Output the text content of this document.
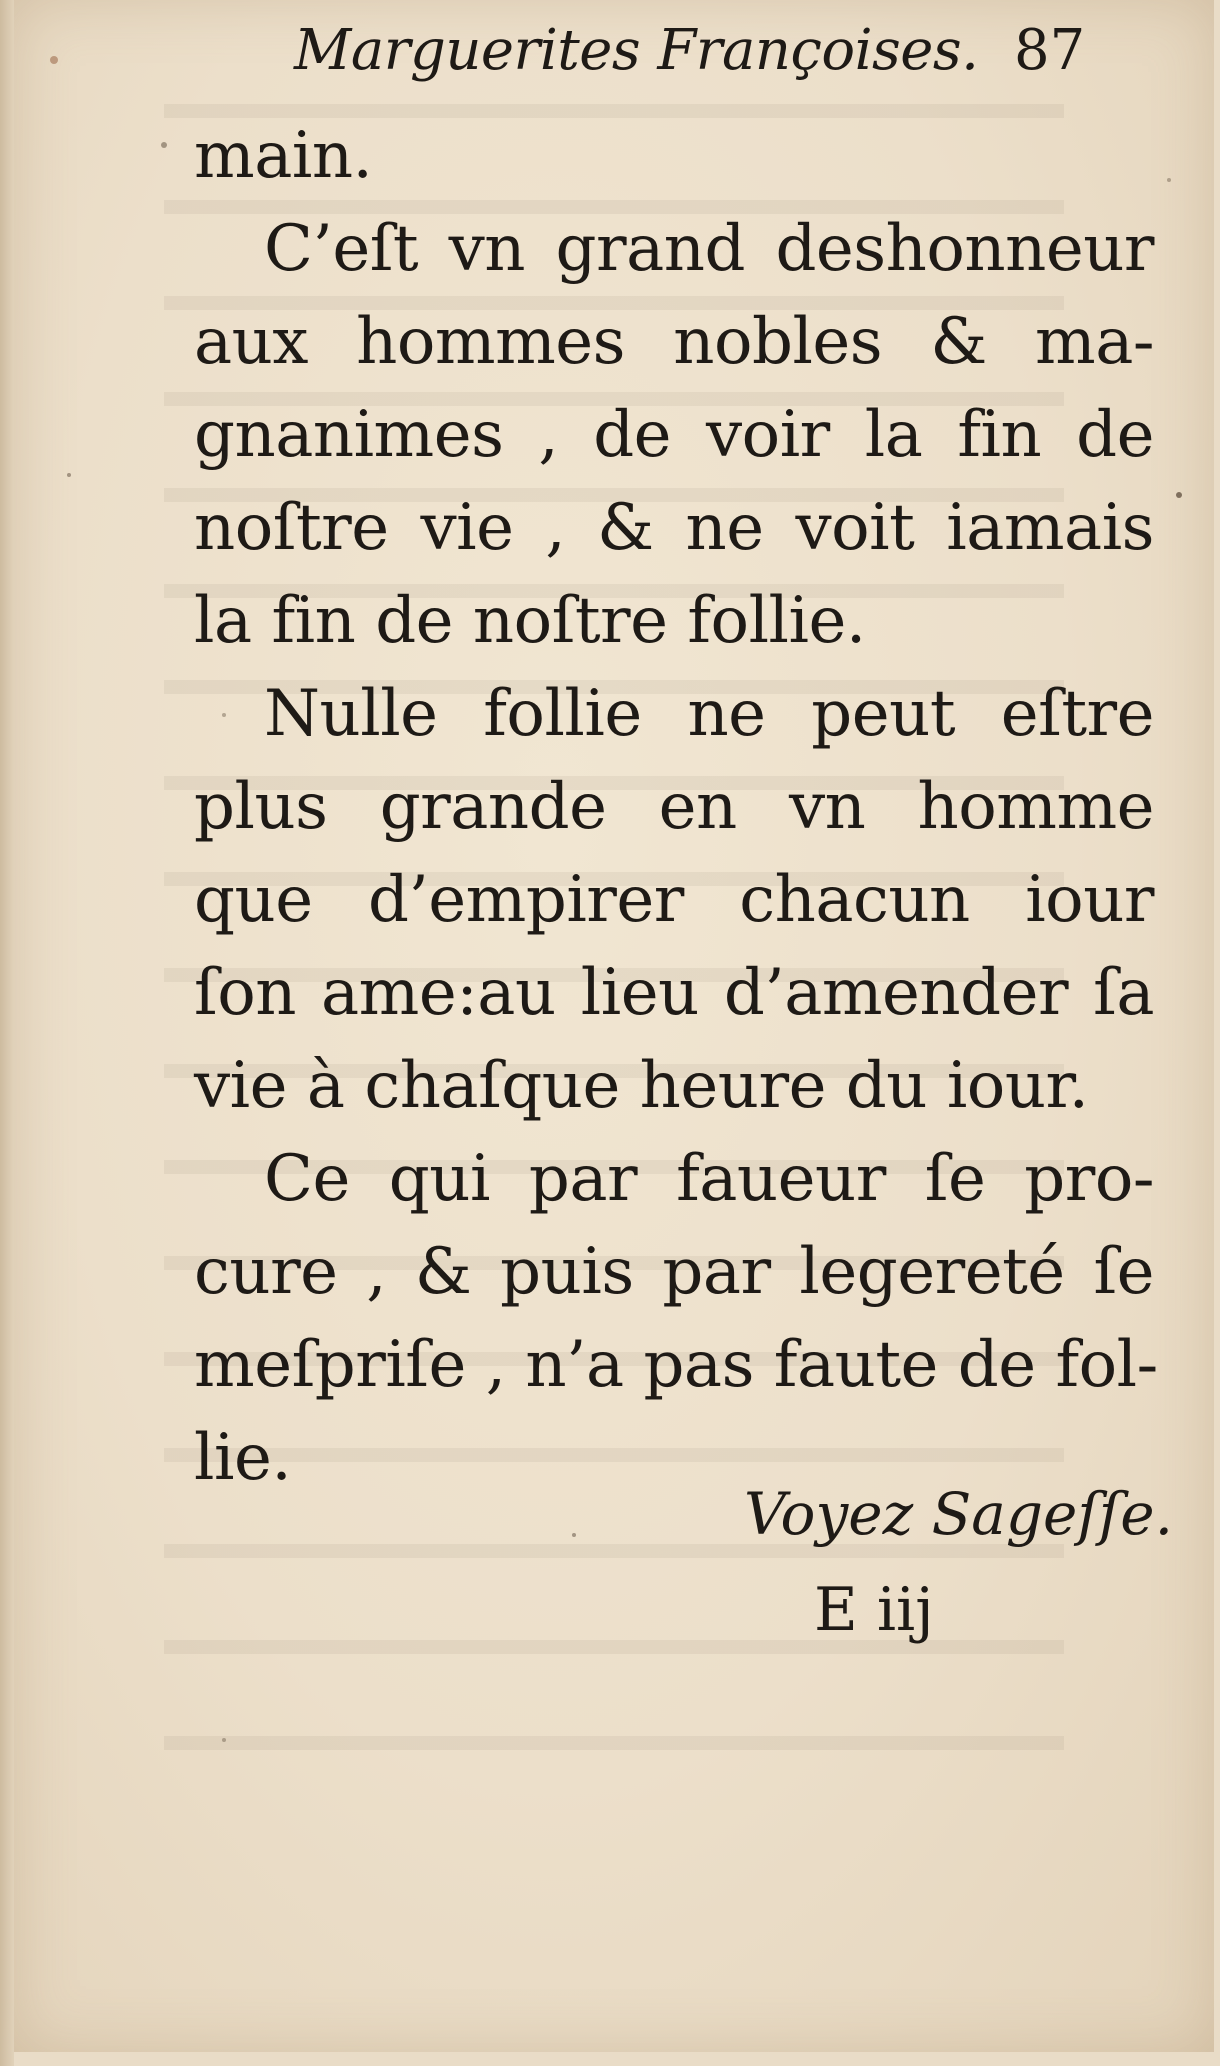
Marguerites Françoises. 87
main.
C’eſt vn grand deshonneur
aux hommes nobles & ma-
gnanimes , de voir la fin de
noſtre vie , & ne voit iamais
la fin de noſtre follie.
Nulle follie ne peut eſtre
plus grande en vn homme
que d’empirer chacun iour
ſon ame:au lieu d’amender ſa
vie à chaſque heure du iour.
Ce qui par faueur ſe pro-
cure , & puis par legereté ſe
meſpriſe , n’a pas faute de fol-
lie.
Voyez Sageſſe.
E iij
